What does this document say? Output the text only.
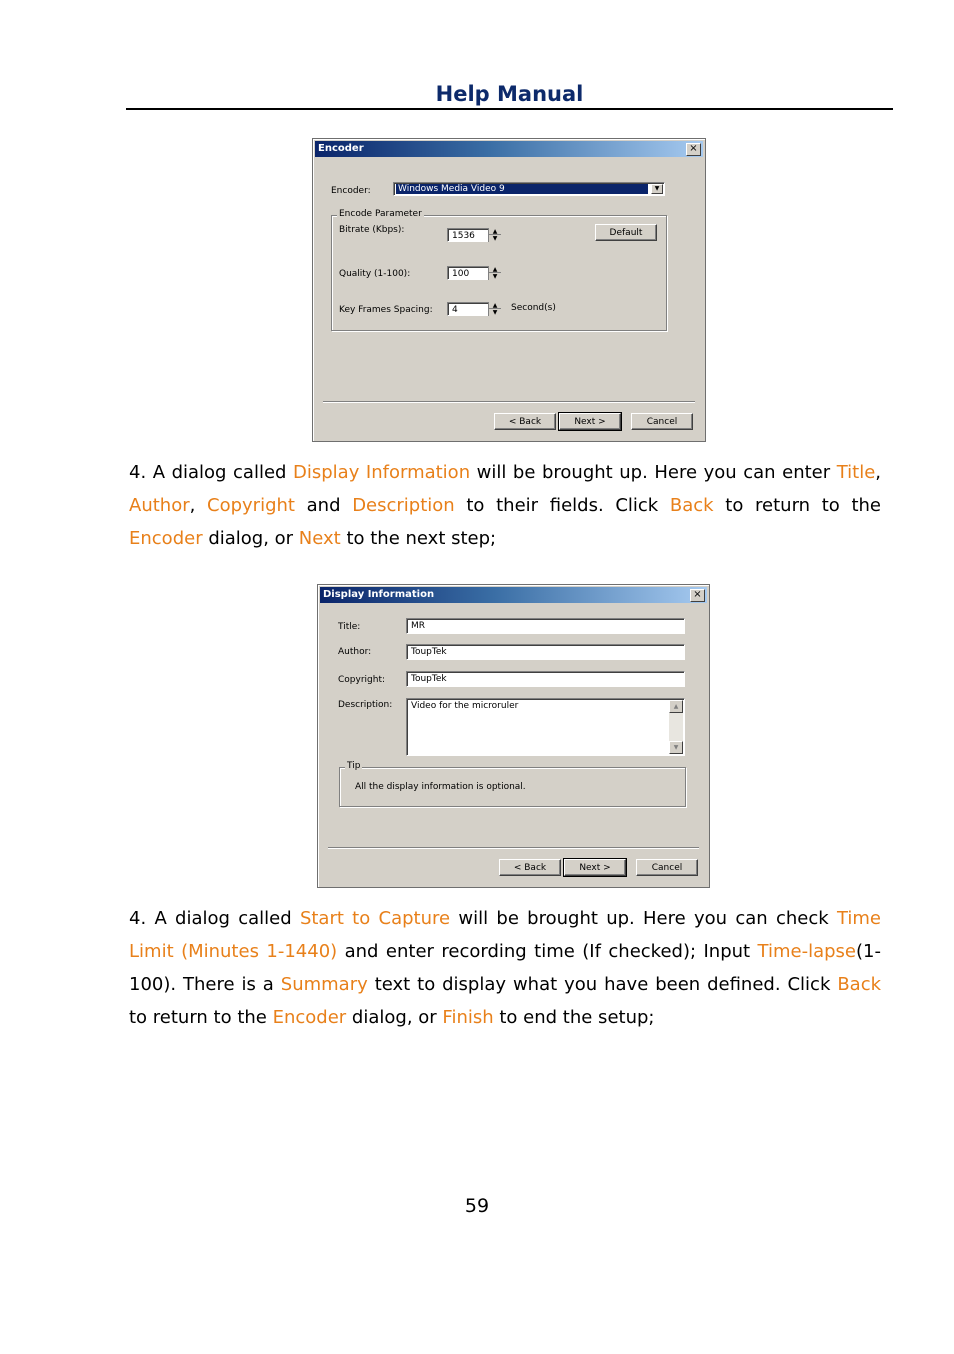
Help Manual
Encoder	×
Encoder:	Windows Media Video 9	▼
Encode Parameter
Bitrate (Kbps):
1536	▲
▼
Default
Quality (1-100):	100	▲
▼
Key Frames Spacing:	4	▲
▼	Second(s)
< Back	Next >	Cancel

4. A dialog called Display Information will be brought up. Here you can enter Title, Author, Copyright and Description to their fields. Click Back to return to the Encoder dialog, or Next to the next step;

Display Information	×
Title:	MR
Author:	ToupTek
Copyright:	ToupTek
Description:	Video for the microruler	▲
▼
Tip
All the display information is optional.
< Back	Next >	Cancel

4. A dialog called Start to Capture will be brought up. Here you can check Time Limit (Minutes 1-1440) and enter recording time (If checked); Input Time-lapse(1-100). There is a Summary text to display what you have been defined. Click Back to return to the Encoder dialog, or Finish to end the setup;

59
